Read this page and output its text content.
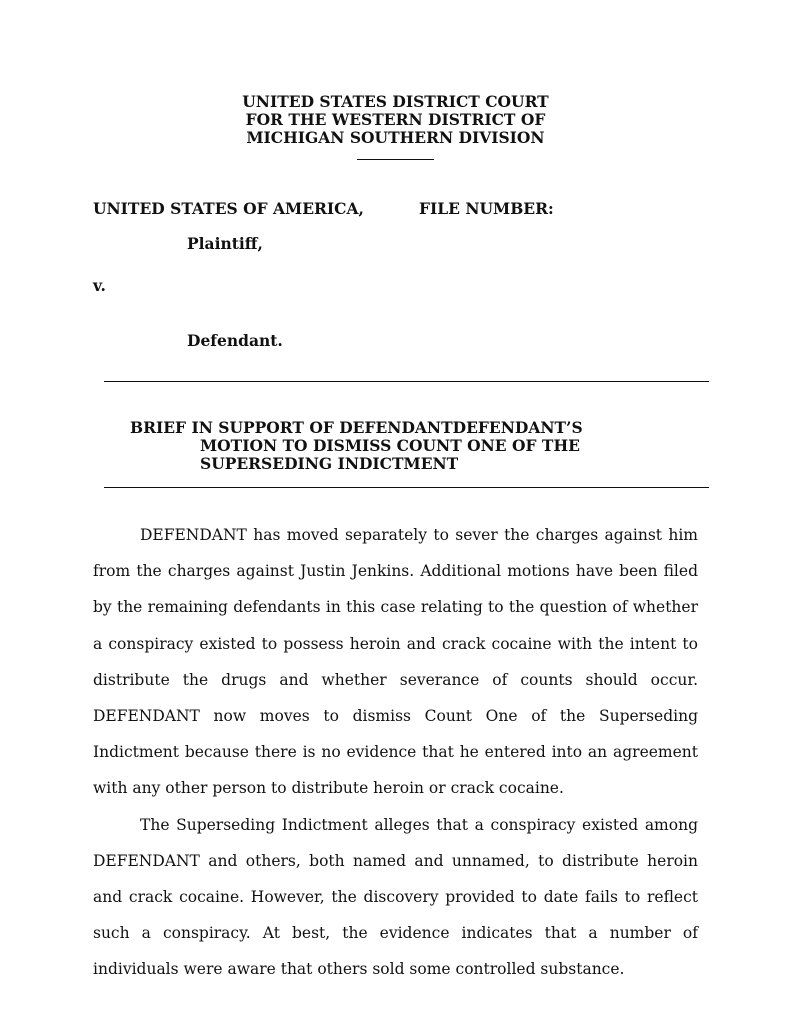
UNITED STATES DISTRICT COURT
FOR THE WESTERN DISTRICT OF
MICHIGAN SOUTHERN DIVISION
UNITED STATES OF AMERICA,	FILE NUMBER:
Plaintiff,
v.
Defendant.
BRIEF IN SUPPORT OF DEFENDANTDEFENDANT’S
MOTION TO DISMISS COUNT ONE OF THE
SUPERSEDING INDICTMENT

DEFENDANT has moved separately to sever the charges against him from the charges against Justin Jenkins. Additional motions have been filed by the remaining defendants in this case relating to the question of whether a conspiracy existed to possess heroin and crack cocaine with the intent to distribute the drugs and whether severance of counts should occur. DEFENDANT now moves to dismiss Count One of the Superseding Indictment because there is no evidence that he entered into an agreement with any other person to distribute heroin or crack cocaine.

The Superseding Indictment alleges that a conspiracy existed among DEFENDANT and others, both named and unnamed, to distribute heroin and crack cocaine. However, the discovery provided to date fails to reflect such a conspiracy. At best, the evidence indicates that a number of individuals were aware that others sold some controlled substance.
